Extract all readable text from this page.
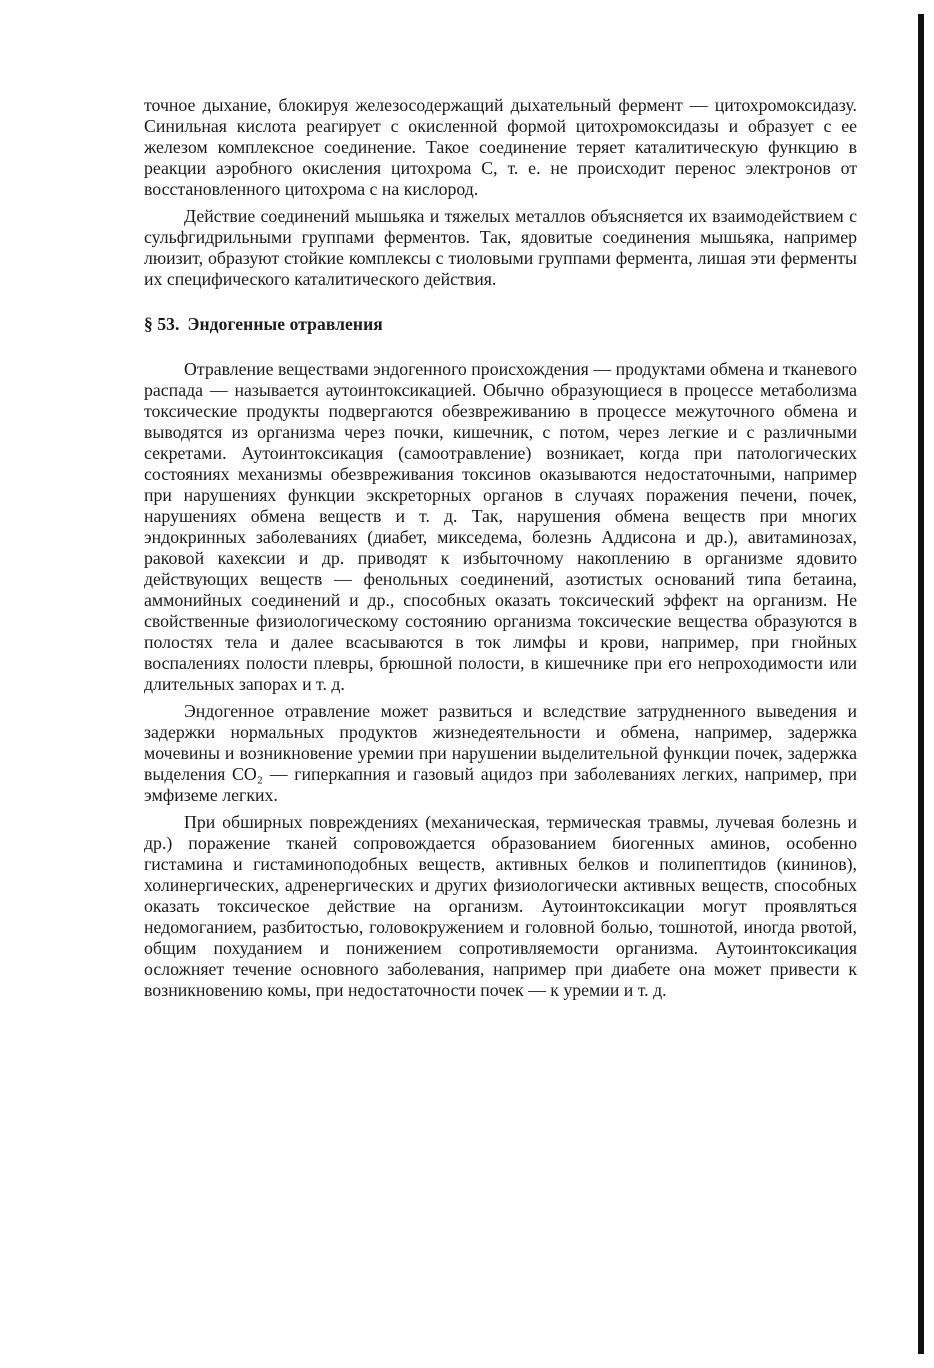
точное дыхание, блокируя железосодержащий дыхательный фермент — цитохромоксидазу. Синильная кислота реагирует с окисленной формой цитохромоксидазы и образует с ее железом комплексное соединение. Такое соединение теряет каталитическую функцию в реакции аэробного окисления цитохрома С, т. е. не происходит перенос электронов от восстановленного цитохрома с на кислород.

Действие соединений мышьяка и тяжелых металлов объясняется их взаимодействием с сульфгидрильными группами ферментов. Так, ядовитые соединения мышьяка, например люизит, образуют стойкие комплексы с тиоловыми группами фермента, лишая эти ферменты их специфического каталитического действия.

§ 53. Эндогенные отравления

Отравление веществами эндогенного происхождения — продуктами обмена и тканевого распада — называется аутоинтоксикацией. Обычно образующиеся в процессе метаболизма токсические продукты подвергаются обезвреживанию в процессе межуточного обмена и выводятся из организма через почки, кишечник, с потом, через легкие и с различными секретами. Аутоинтоксикация (самоотравление) возникает, когда при патологических состояниях механизмы обезвреживания токсинов оказываются недостаточными, например при нарушениях функции экскреторных органов в случаях поражения печени, почек, нарушениях обмена веществ и т. д. Так, нарушения обмена веществ при многих эндокринных заболеваниях (диабет, микседема, болезнь Аддисона и др.), авитаминозах, раковой кахексии и др. приводят к избыточному накоплению в организме ядовито действующих веществ — фенольных соединений, азотистых оснований типа бетаина, аммонийных соединений и др., способных оказать токсический эффект на организм. Не свойственные физиологическому состоянию организма токсические вещества образуются в полостях тела и далее всасываются в ток лимфы и крови, например, при гнойных воспалениях полости плевры, брюшной полости, в кишечнике при его непроходимости или длительных запорах и т. д.

Эндогенное отравление может развиться и вследствие затрудненного выведения и задержки нормальных продуктов жизнедеятельности и обмена, например, задержка мочевины и возникновение уремии при нарушении выделительной функции почек, задержка выделения CO₂ — гиперкапния и газовый ацидоз при заболеваниях легких, например, при эмфиземе легких.

При обширных повреждениях (механическая, термическая травмы, лучевая болезнь и др.) поражение тканей сопровождается образованием биогенных аминов, особенно гистамина и гистаминоподобных веществ, активных белков и полипептидов (кининов), холинергических, адренергических и других физиологически активных веществ, способных оказать токсическое действие на организм. Аутоинтоксикации могут проявляться недомоганием, разбитостью, головокружением и головной болью, тошнотой, иногда рвотой, общим похуданием и понижением сопротивляемости организма. Аутоинтоксикация осложняет течение основного заболевания, например при диабете она может привести к возникновению комы, при недостаточности почек — к уремии и т. д.
